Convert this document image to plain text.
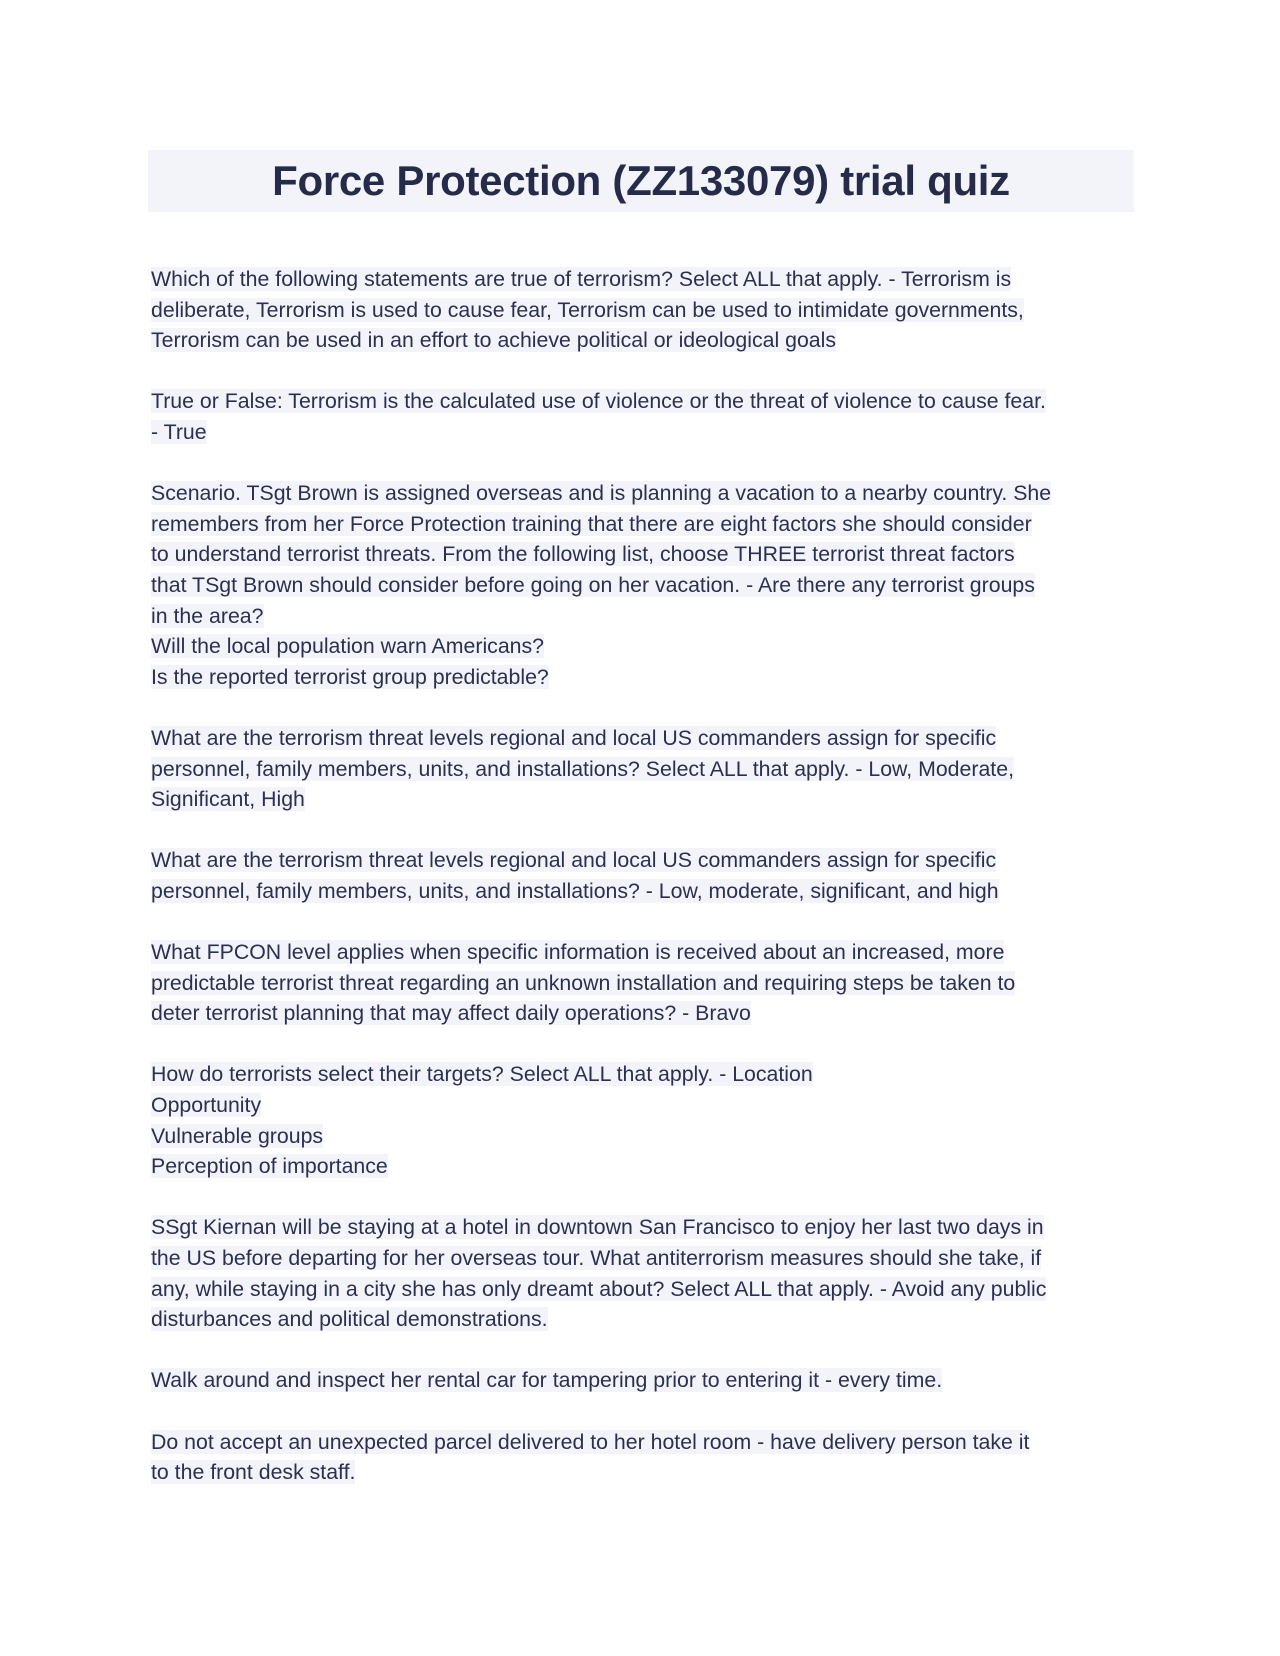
Force Protection (ZZ133079) trial quiz

Which of the following statements are true of terrorism? Select ALL that apply. - Terrorism is
deliberate, Terrorism is used to cause fear, Terrorism can be used to intimidate governments,
Terrorism can be used in an effort to achieve political or ideological goals

True or False: Terrorism is the calculated use of violence or the threat of violence to cause fear.
- True

Scenario. TSgt Brown is assigned overseas and is planning a vacation to a nearby country. She
remembers from her Force Protection training that there are eight factors she should consider
to understand terrorist threats. From the following list, choose THREE terrorist threat factors
that TSgt Brown should consider before going on her vacation. - Are there any terrorist groups
in the area?
Will the local population warn Americans?
Is the reported terrorist group predictable?

What are the terrorism threat levels regional and local US commanders assign for specific
personnel, family members, units, and installations? Select ALL that apply. - Low, Moderate,
Significant, High

What are the terrorism threat levels regional and local US commanders assign for specific
personnel, family members, units, and installations? - Low, moderate, significant, and high

What FPCON level applies when specific information is received about an increased, more
predictable terrorist threat regarding an unknown installation and requiring steps be taken to
deter terrorist planning that may affect daily operations? - Bravo

How do terrorists select their targets? Select ALL that apply. - Location
Opportunity
Vulnerable groups
Perception of importance

SSgt Kiernan will be staying at a hotel in downtown San Francisco to enjoy her last two days in
the US before departing for her overseas tour. What antiterrorism measures should she take, if
any, while staying in a city she has only dreamt about? Select ALL that apply. - Avoid any public
disturbances and political demonstrations.

Walk around and inspect her rental car for tampering prior to entering it - every time.

Do not accept an unexpected parcel delivered to her hotel room - have delivery person take it
to the front desk staff.
